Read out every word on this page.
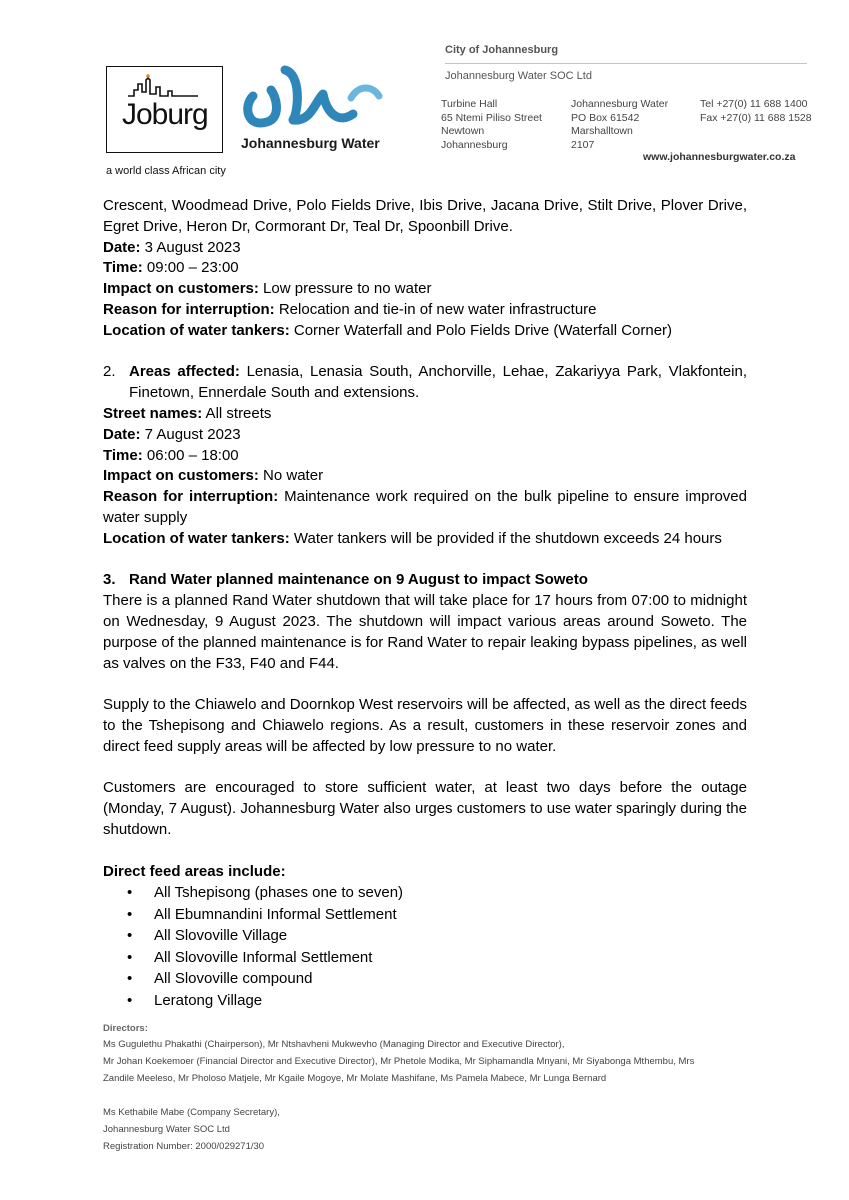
City of Johannesburg
Johannesburg Water SOC Ltd
Turbine Hall
65 Ntemi Piliso Street
Newtown
Johannesburg
Johannesburg Water
PO Box 61542
Marshalltown
2107
Tel +27(0) 11 688 1400
Fax +27(0) 11 688 1528
www.johannesburgwater.co.za
Joburg
a world class African city
Johannesburg Water

Crescent, Woodmead Drive, Polo Fields Drive, Ibis Drive, Jacana Drive, Stilt Drive, Plover Drive, Egret Drive, Heron Dr, Cormorant Dr, Teal Dr, Spoonbill Drive.

Date: 3 August 2023
Time: 09:00 – 23:00
Impact on customers: Low pressure to no water
Reason for interruption: Relocation and tie-in of new water infrastructure
Location of water tankers: Corner Waterfall and Polo Fields Drive (Waterfall Corner)
2. Areas affected: Lenasia, Lenasia South, Anchorville, Lehae, Zakariyya Park, Vlakfontein, Finetown, Ennerdale South and extensions.
Street names: All streets
Date: 7 August 2023
Time: 06:00 – 18:00
Impact on customers: No water
Reason for interruption: Maintenance work required on the bulk pipeline to ensure improved water supply
Location of water tankers: Water tankers will be provided if the shutdown exceeds 24 hours
3. Rand Water planned maintenance on 9 August to impact Soweto

There is a planned Rand Water shutdown that will take place for 17 hours from 07:00 to midnight on Wednesday, 9 August 2023. The shutdown will impact various areas around Soweto. The purpose of the planned maintenance is for Rand Water to repair leaking bypass pipelines, as well as valves on the F33, F40 and F44.

Supply to the Chiawelo and Doornkop West reservoirs will be affected, as well as the direct feeds to the Tshepisong and Chiawelo regions. As a result, customers in these reservoir zones and direct feed supply areas will be affected by low pressure to no water.

Customers are encouraged to store sufficient water, at least two days before the outage (Monday, 7 August). Johannesburg Water also urges customers to use water sparingly during the shutdown.

Direct feed areas include:
• All Tshepisong (phases one to seven)
• All Ebumnandini Informal Settlement
• All Slovoville Village
• All Slovoville Informal Settlement
• All Slovoville compound
• Leratong Village
Directors:
Ms Gugulethu Phakathi (Chairperson), Mr Ntshavheni Mukwevho (Managing Director and Executive Director),
Mr Johan Koekemoer (Financial Director and Executive Director), Mr Phetole Modika, Mr Siphamandla Mnyani, Mr Siyabonga Mthembu, Mrs
Zandile Meeleso, Mr Pholoso Matjele, Mr Kgaile Mogoye, Mr Molate Mashifane, Ms Pamela Mabece, Mr Lunga Bernard
Ms Kethabile Mabe (Company Secretary),
Johannesburg Water SOC Ltd
Registration Number: 2000/029271/30
